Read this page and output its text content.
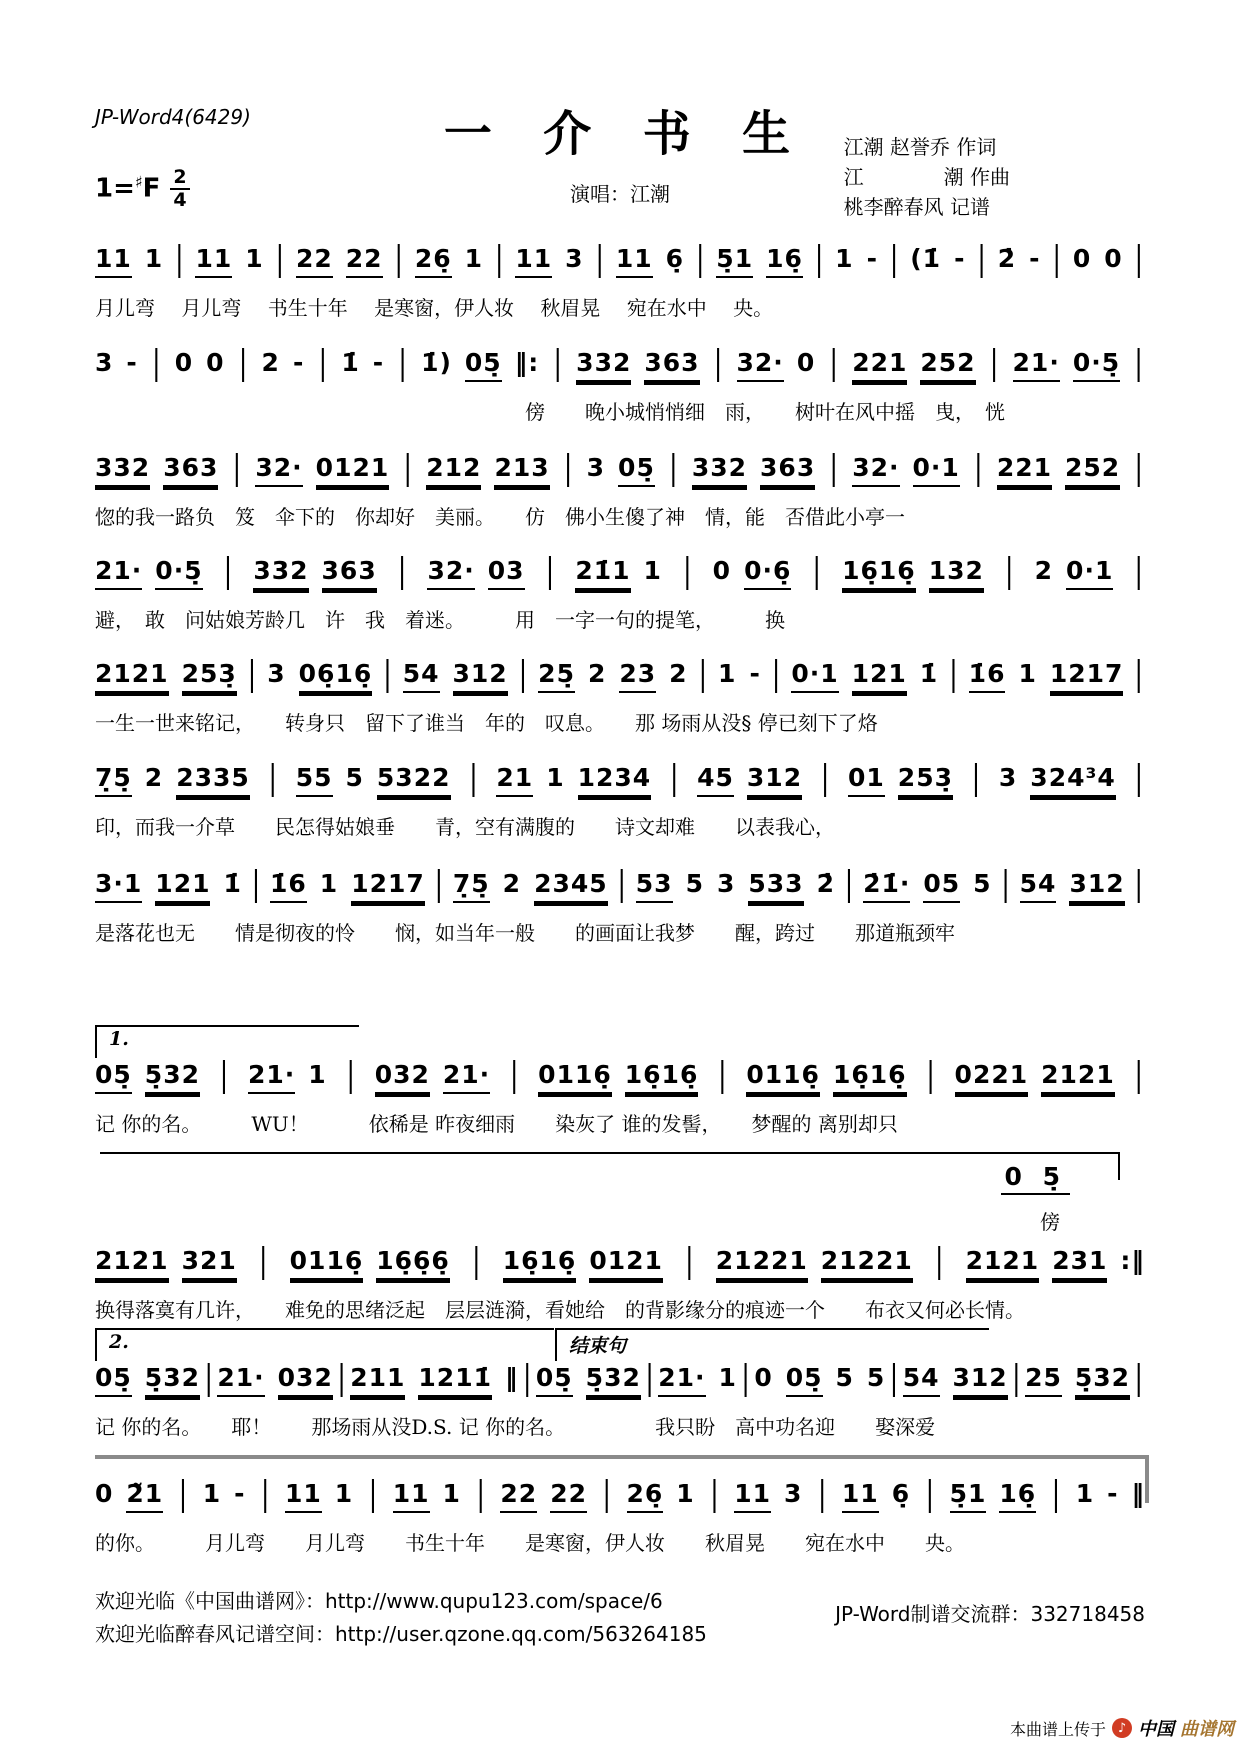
JP-Word4(6429)	一  介  书  生
演唱：江潮
江潮 赵誉乔 作词
江　　　　潮 作曲
桃李醉春风 记谱
$1=^♯F \frac{2}{4}$
11 1 | 11 1 | 22 22 | 26̣ 1 | 11 3 | 11 6̣ | 5̣1 16̣ | 1 - | (1̇ - | 2̇ - | 0 0 |
月儿弯　 月儿弯　 书生十年　 是寒窗，伊人妆　 秋眉晃　 宛在水中　 央。
3 - | 0 0 | 2 - | 1̇ - | 1̇) 05̣ ‖: | 332 363 | 32· 0 | 221 252 | 21· 0·5̣ |
傍　　晚小城悄悄细　雨，　　树叶在风中摇　曳，　恍
332 363 | 32· 0121 | 212 213 | 3 05̣ | 332 363 | 32· 0·1 | 221 252 |
惚的我一路负　笈　伞下的　你却好　美丽。　　仿　佛小生傻了神　情，能　否借此小亭一
21· 0·5̣ | 332 363 | 32· 03 | 21̇1 1 | 0 0·6̣ | 16̣16̣ 132 | 2 0·1 |
避，　敢　问姑娘芳龄几　许　我　着迷。　　　用　一字一句的提笔，　　　换
2121 253̣ | 3 06̣16̣ | 54 312 | 25̣ 2 23 2 | 1 - | 0·1 121 1̇ | 1̇6 1 1217 |
一生一世来铭记，　　转身只　留下了谁当　年的　叹息。　　那 场雨从没§ 停已刻下了烙
7̣5̣ 2 2335 | 55 5 5322 | 21 1 1234 | 45 312 | 01 253̣ | 3 324³4 |
印，而我一介草　　民怎得姑娘垂　　青，空有满腹的　　诗文却难　　以表我心，
3·1 121 1̇ | 1̇6 1 1217 | 7̣5̣ 2 2345 | 53 5 3 533 2̇ | 2̇1̇· 05 5 | 54 312 |
是落花也无　　情是彻夜的怜　　悯，如当年一般　　的画面让我梦　　醒，跨过　　那道瓶颈牢
1.
05̣ 5̣32 | 21· 1 | 032 21· | 0116̣ 16̣16̣ | 0116̣ 16̣16̣ | 0221 2121 |
记 你的名。　　　WU！　　　依稀是 昨夜细雨　　染灰了 谁的发髻，　　梦醒的 离别却只
0 5̣
傍
2121 321 | 0116̣ 16̣6̣6̣ | 16̣16̣ 0121 | 21221 21221 | 2121 231 :‖
换得落寞有几许，　　难免的思绪泛起　层层涟漪，看她给　的背影缘分的痕迹一个　　布衣又何必长情。
2.	结束句
05̣ 5̣32 | 21· 032 | 211 1211̇ ‖ | 05̣ 5̣32 | 21· 1 | 0 05̣ 5 5 | 54 312 | 25 5̣32 |
记 你的名。　　耶！　　那场雨从没D.S. 记 你的名。　　　　　我只盼　高中功名迎　　娶深爱
0 2̃1 | 1 - | 11 1 | 11 1 | 22 22 | 26̣ 1 | 11 3 | 11 6̣ | 5̣1 16̣ | 1 - ‖
的你。　　　月儿弯　　月儿弯　　书生十年　　是寒窗，伊人妆　　秋眉晃　　宛在水中　　央。
欢迎光临《中国曲谱网》：http://www.qupu123.com/space/6
欢迎光临醉春风记谱空间：http://user.qzone.qq.com/563264185
JP-Word制谱交流群：332718458
本曲谱上传于 ♪ 中国 曲谱网
